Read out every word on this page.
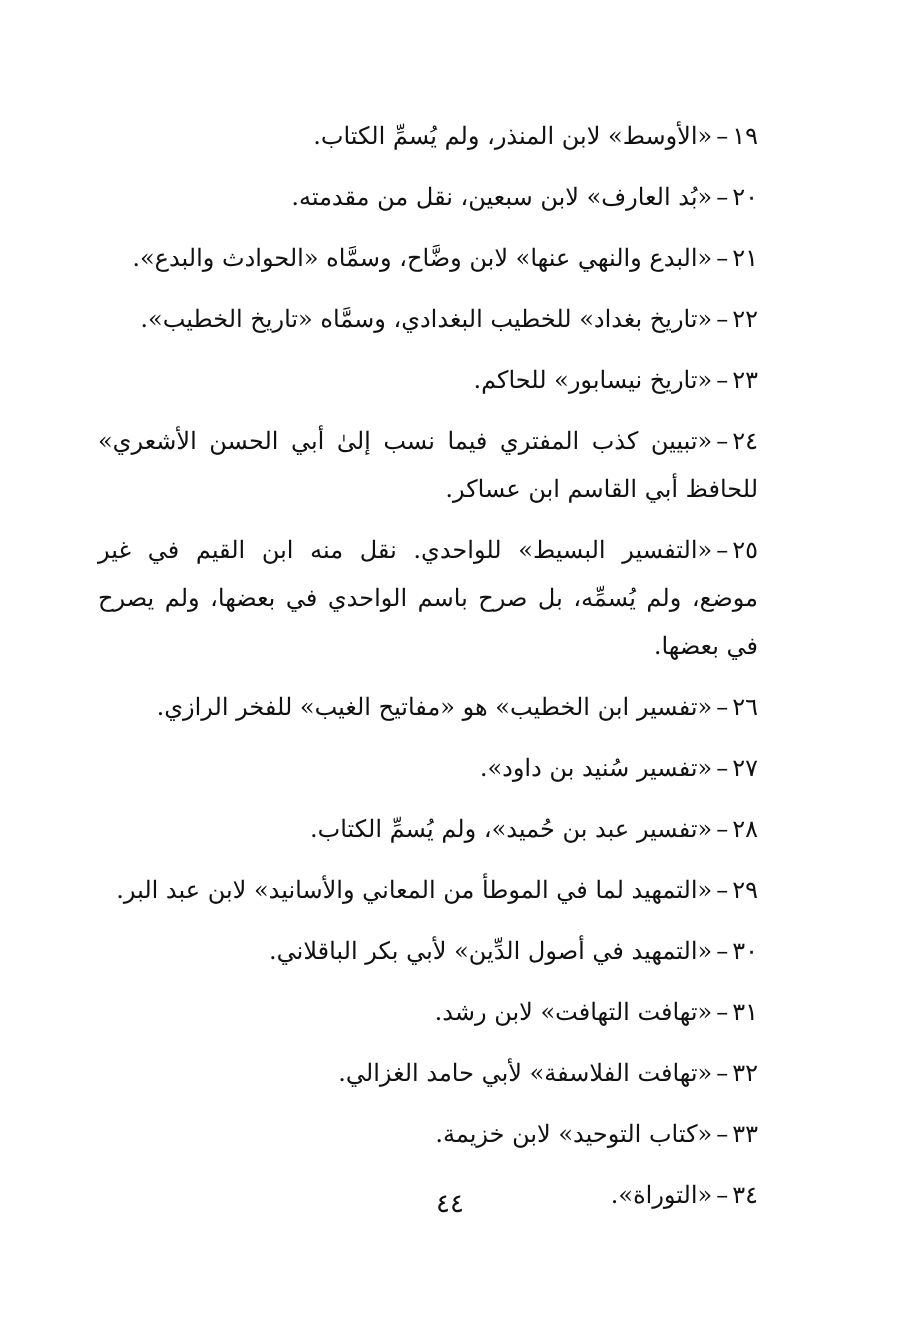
١٩–«الأوسط» لابن المنذر، ولم يُسمِّ الكتاب.
٢٠–«بُد العارف» لابن سبعين، نقل من مقدمته.
٢١–«البدع والنهي عنها» لابن وضَّاح، وسمَّاه «الحوادث والبدع».
٢٢–«تاريخ بغداد» للخطيب البغدادي، وسمَّاه «تاريخ الخطيب».
٢٣–«تاريخ نيسابور» للحاكم.
٢٤–«تبيين كذب المفتري فيما نسب إلىٰ أبي الحسن الأشعري» للحافظ أبي القاسم ابن عساكر.
٢٥–«التفسير البسيط» للواحدي. نقل منه ابن القيم في غير موضع، ولم يُسمِّه، بل صرح باسم الواحدي في بعضها، ولم يصرح في بعضها.
٢٦–«تفسير ابن الخطيب» هو «مفاتيح الغيب» للفخر الرازي.
٢٧–«تفسير سُنيد بن داود».
٢٨–«تفسير عبد بن حُميد»، ولم يُسمِّ الكتاب.
٢٩–«التمهيد لما في الموطأ من المعاني والأسانيد» لابن عبد البر.
٣٠–«التمهيد في أصول الدِّين» لأبي بكر الباقلاني.
٣١–«تهافت التهافت» لابن رشد.
٣٢–«تهافت الفلاسفة» لأبي حامد الغزالي.
٣٣–«كتاب التوحيد» لابن خزيمة.
٣٤–«التوراة».
٤٤
